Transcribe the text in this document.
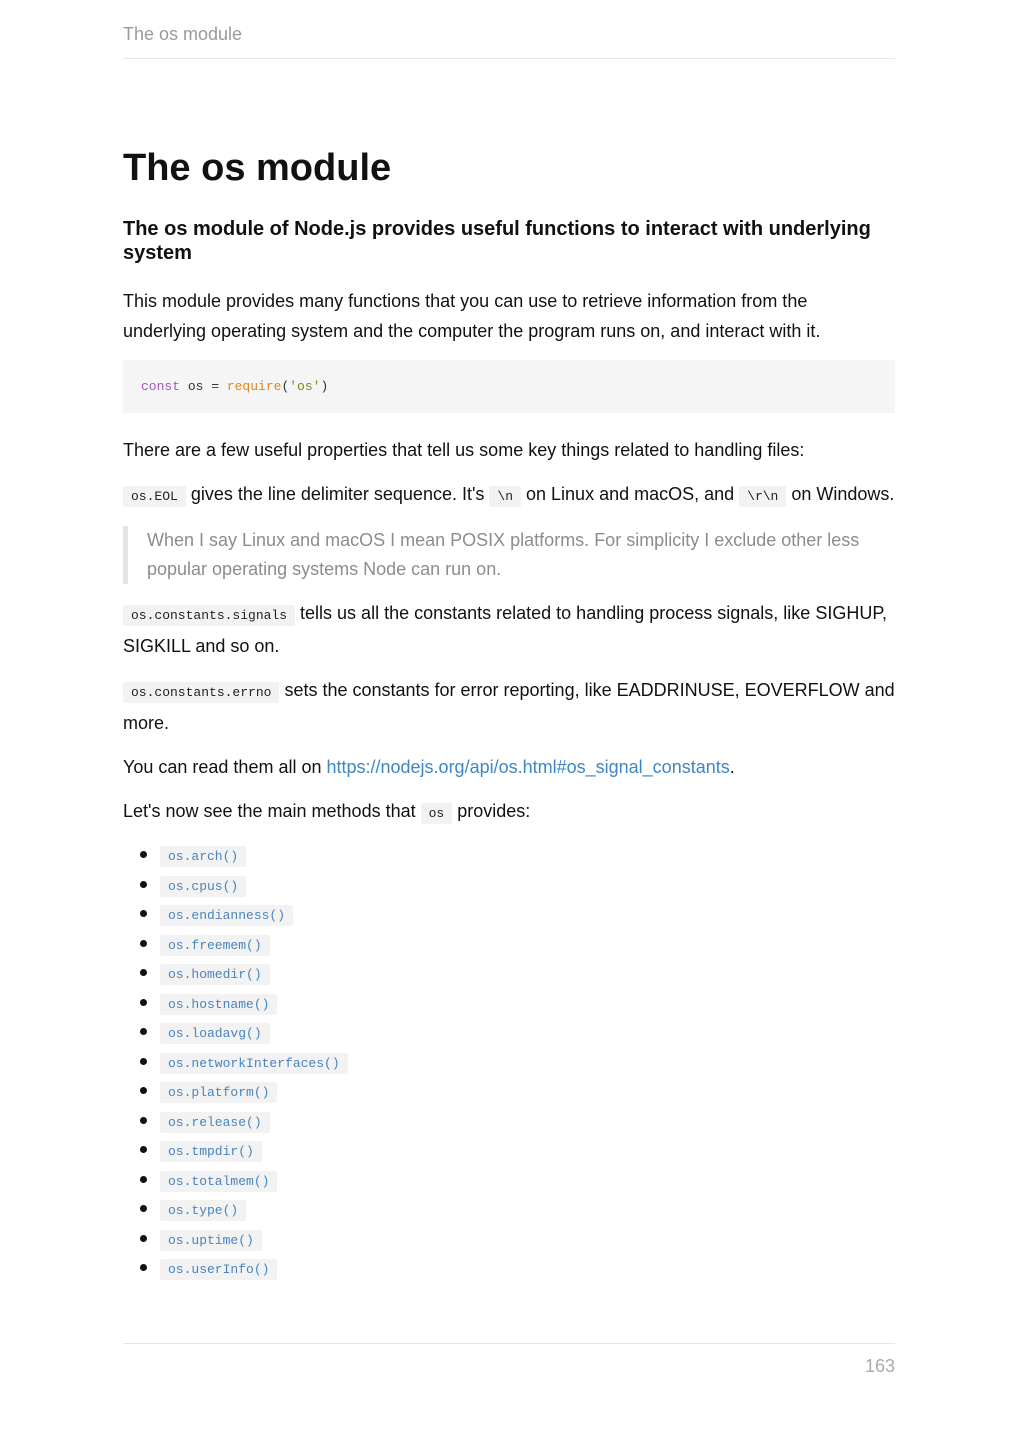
The os module
The os module
The os module of Node.js provides useful functions to interact with underlying system

This module provides many functions that you can use to retrieve information from the underlying operating system and the computer the program runs on, and interact with it.

const os = require('os')

There are a few useful properties that tell us some key things related to handling files:

os.EOL gives the line delimiter sequence. It's \n on Linux and macOS, and \r\n on Windows.

When I say Linux and macOS I mean POSIX platforms. For simplicity I exclude other less popular operating systems Node can run on.

os.constants.signals tells us all the constants related to handling process signals, like SIGHUP, SIGKILL and so on.

os.constants.errno sets the constants for error reporting, like EADDRINUSE, EOVERFLOW and more.

You can read them all on https://nodejs.org/api/os.html#os_signal_constants.

Let's now see the main methods that os provides:

os.arch()
os.cpus()
os.endianness()
os.freemem()
os.homedir()
os.hostname()
os.loadavg()
os.networkInterfaces()
os.platform()
os.release()
os.tmpdir()
os.totalmem()
os.type()
os.uptime()
os.userInfo()
163
